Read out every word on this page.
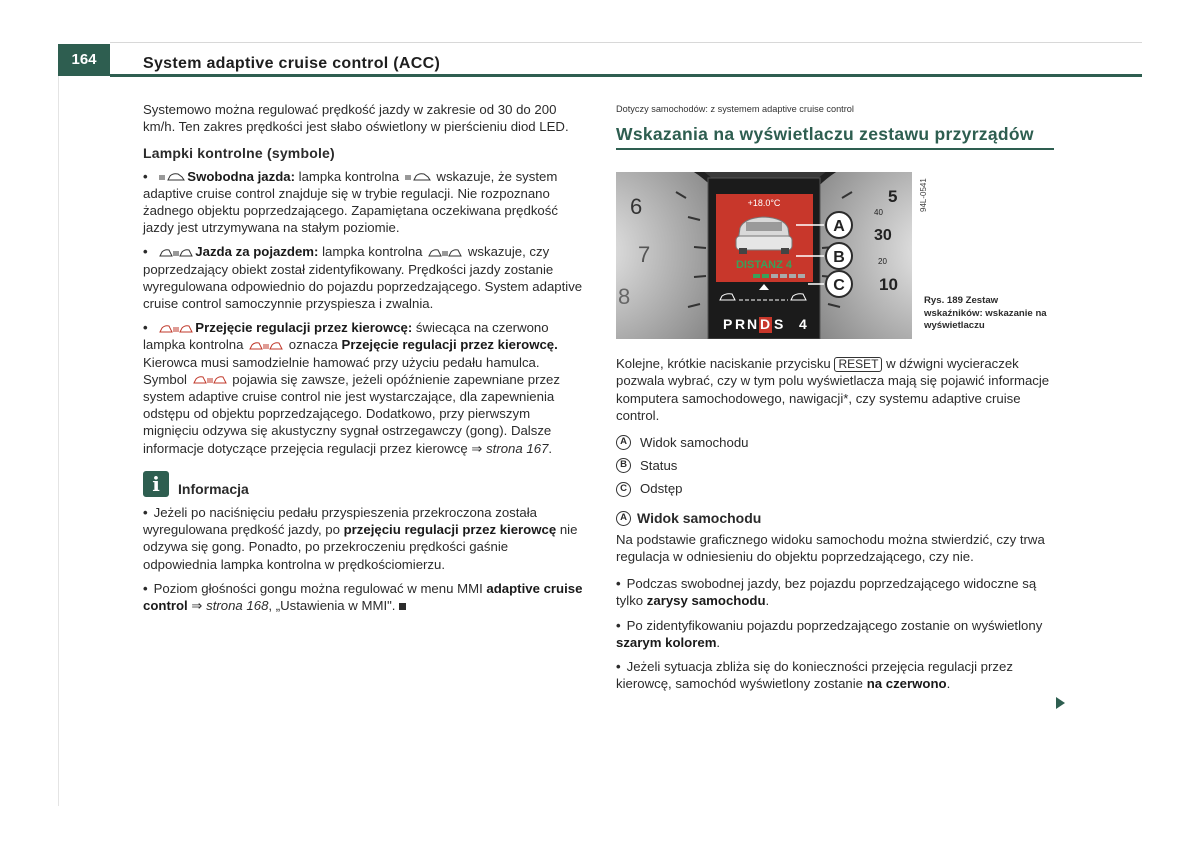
164	System adaptive cruise control (ACC)

Systemowo można regulować prędkość jazdy w zakresie od 30 do 200 km/h. Ten zakres prędkości jest słabo oświetlony w pierścieniu diod LED.

Lampki kontrolne (symbole)
•	Swobodna jazda: lampka kontrolna  wskazuje, że system adaptive cruise control znajduje się w trybie regulacji. Nie rozpoznano żadnego objektu poprzedzającego. Zapamiętana oczekiwana prędkość jazdy jest utrzymywana na stałym poziomie.
•	Jazda za pojazdem: lampka kontrolna	wskazuje, czy poprzedzający obiekt został zidentyfikowany. Prędkości jazdy zostanie wyregulowana odpowiednio do pojazdu poprzedzającego. System adaptive cruise control samoczynnie przyspiesza i zwalnia.
•	Przejęcie regulacji przez kierowcę: świecąca na czerwono lampka kontrolna	oznacza Przejęcie regulacji przez kierowcę. Kierowca musi samodzielnie hamować przy użyciu pedału hamulca. Symbol	pojawia się zawsze, jeżeli opóźnienie zapewniane przez system adaptive cruise control nie jest wystarczające, dla zapewnienia odstępu od objektu poprzedzającego. Dodatkowo, przy pierwszym mignięciu odzywa się akustyczny sygnał ostrzegawczy (gong). Dalsze informacje dotyczące przejęcia regulacji przez kierowcę ⇒ strona 167.
i	Informacja
• Jeżeli po naciśnięciu pedału przyspieszenia przekroczona została wyregulowana prędkość jazdy, po przejęciu regulacji przez kierowcę nie odzywa się gong. Ponadto, po przekroczeniu prędkości gaśnie odpowiednia lampka kontrolna w prędkościomierzu.
• Poziom głośności gongu można regulować w menu MMI adaptive cruise control ⇒ strona 168, „Ustawienia w MMI".
Dotyczy samochodów: z systemem adaptive cruise control
Wskazania na wyświetlaczu zestawu przyrządów
6
7
8
5
40
30
20
10
+18.0°C
DISTANZ 4
P R N D S 4
A
B
C
94L-0541
Rys. 189 Zestaw wskaźników: wskazanie na wyświetlaczu

Kolejne, krótkie naciskanie przycisku RESET w dźwigni wycieraczek pozwala wybrać, czy w tym polu wyświetlacza mają się pojawić informacje komputera samochodowego, nawigacji*, czy systemu adaptive cruise control.

A Widok samochodu
B Status
C Odstęp
A Widok samochodu

Na podstawie graficznego widoku samochodu można stwierdzić, czy trwa regulacja w odniesieniu do objektu poprzedzającego, czy nie.

• Podczas swobodnej jazdy, bez pojazdu poprzedzającego widoczne są tylko zarysy samochodu.
• Po zidentyfikowaniu pojazdu poprzedzającego zostanie on wyświetlony szarym kolorem.
• Jeżeli sytuacja zbliża się do konieczności przejęcia regulacji przez kierowcę, samochód wyświetlony zostanie na czerwono.
